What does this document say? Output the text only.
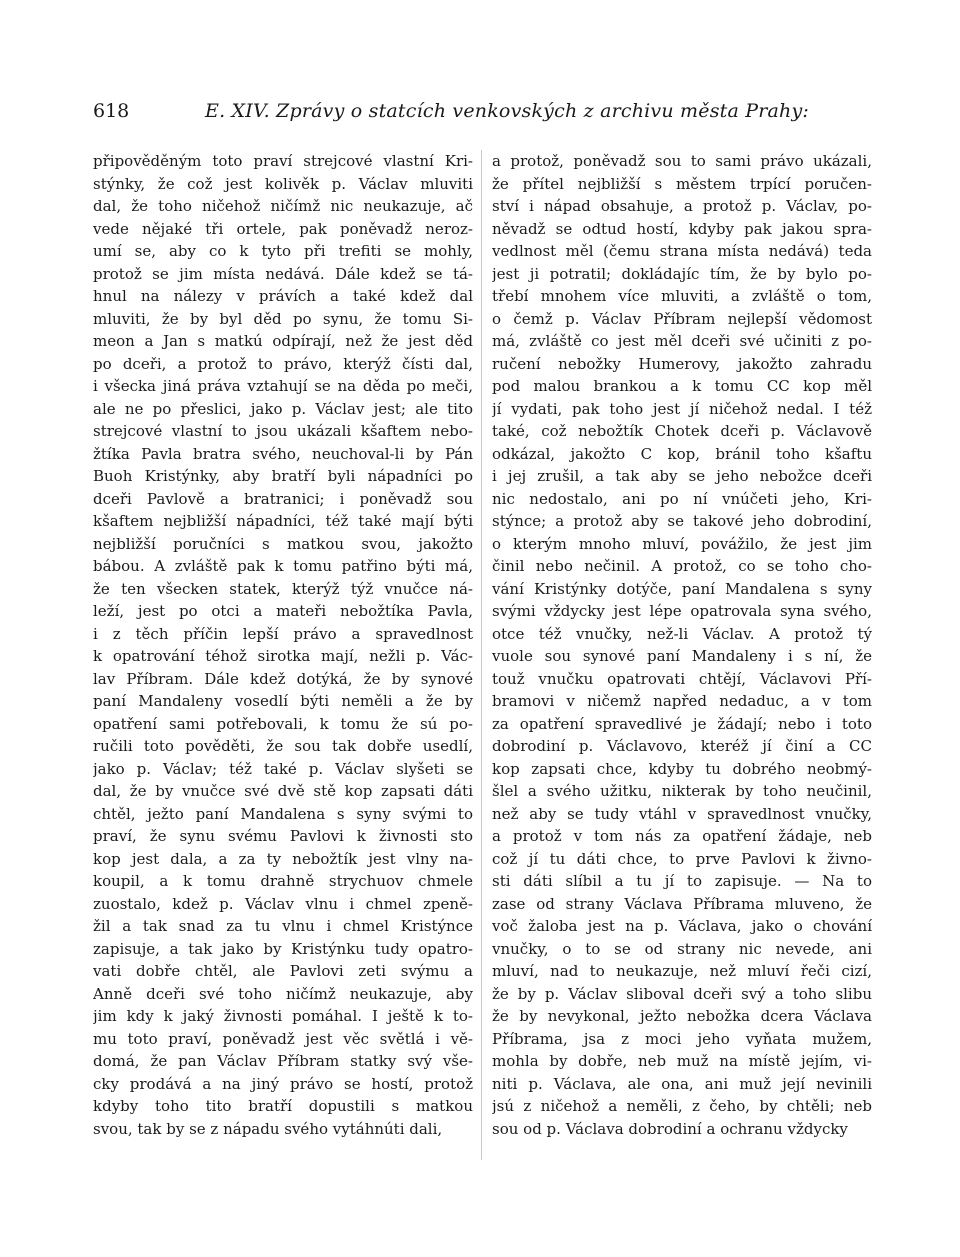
618	E. XIV. Zprávy o statcích venkovských z archivu města Prahy:
připověděným toto praví strejcové vlastní Kri-
stýnky, že což jest kolivěk p. Václav mluviti
dal, že toho ničehož ničímž nic neukazuje, ač
vede nějaké tři ortele, pak poněvadž neroz-
umí se, aby co k tyto při trefiti se mohly,
protož se jim místa nedává. Dále kdež se tá-
hnul na nálezy v právích a také kdež dal
mluviti, že by byl děd po synu, že tomu Si-
meon a Jan s matkú odpírají, než že jest děd
po dceři, a protož to právo, kterýž čísti dal,
i všecka jiná práva vztahují se na děda po meči,
ale ne po přeslici, jako p. Václav jest; ale tito
strejcové vlastní to jsou ukázali kšaftem nebo-
žtíka Pavla bratra svého, neuchoval-li by Pán
Buoh Kristýnky, aby bratří byli nápadníci po
dceři Pavlově a bratranici; i poněvadž sou
kšaftem nejbližší nápadníci, též také mají býti
nejbližší poručníci s matkou svou, jakožto
bábou. A zvláště pak k tomu patřino býti má,
že ten všecken statek, kterýž týž vnučce ná-
leží, jest po otci a mateři nebožtíka Pavla,
i z těch příčin lepší právo a spravedlnost
k opatrování téhož sirotka mají, nežli p. Vác-
lav Příbram. Dále kdež dotýká, že by synové
paní Mandaleny vosedlí býti neměli a že by
opatření sami potřebovali, k tomu že sú po-
ručili toto pověděti, že sou tak dobře usedlí,
jako p. Václav; též také p. Václav slyšeti se
dal, že by vnučce své dvě stě kop zapsati dáti
chtěl, ježto paní Mandalena s syny svými to
praví, že synu svému Pavlovi k živnosti sto
kop jest dala, a za ty nebožtík jest vlny na-
koupil, a k tomu drahně strychuov chmele
zuostalo, kdež p. Václav vlnu i chmel zpeně-
žil a tak snad za tu vlnu i chmel Kristýnce
zapisuje, a tak jako by Kristýnku tudy opatro-
vati dobře chtěl, ale Pavlovi zeti svýmu a
Anně dceři své toho ničímž neukazuje, aby
jim kdy k jaký živnosti pomáhal. I ještě k to-
mu toto praví, poněvadž jest věc světlá i vě-
domá, že pan Václav Příbram statky svý vše-
cky prodává a na jiný právo se hostí, protož
kdyby toho tito bratří dopustili s matkou
svou, tak by se z nápadu svého vytáhnúti dali,
a protož, poněvadž sou to sami právo ukázali,
že přítel nejbližší s městem trpící poručen-
ství i nápad obsahuje, a protož p. Václav, po-
něvadž se odtud hostí, kdyby pak jakou spra-
vedlnost měl (čemu strana místa nedává) teda
jest ji potratil; dokládajíc tím, že by bylo po-
třebí mnohem více mluviti, a zvláště o tom,
o čemž p. Václav Příbram nejlepší vědomost
má, zvláště co jest měl dceři své učiniti z po-
ručení nebožky Humerovy, jakožto zahradu
pod malou brankou a k tomu CC kop měl
jí vydati, pak toho jest jí ničehož nedal. I též
také, což nebožtík Chotek dceři p. Václavově
odkázal, jakožto C kop, bránil toho kšaftu
i jej zrušil, a tak aby se jeho nebožce dceři
nic nedostalo, ani po ní vnúčeti jeho, Kri-
stýnce; a protož aby se takové jeho dobrodiní,
o kterým mnoho mluví, povážilo, že jest jim
činil nebo nečinil. A protož, co se toho cho-
vání Kristýnky dotýče, paní Mandalena s syny
svými vždycky jest lépe opatrovala syna svého,
otce též vnučky, než-li Václav. A protož tý
vuole sou synové paní Mandaleny i s ní, že
touž vnučku opatrovati chtějí, Václavovi Pří-
bramovi v ničemž napřed nedaduc, a v tom
za opatření spravedlivé je žádají; nebo i toto
dobrodiní p. Václavovo, kteréž jí činí a CC
kop zapsati chce, kdyby tu dobrého neobmý-
šlel a svého užitku, nikterak by toho neučinil,
než aby se tudy vtáhl v spravedlnost vnučky,
a protož v tom nás za opatření žádaje, neb
což jí tu dáti chce, to prve Pavlovi k živno-
sti dáti slíbil a tu jí to zapisuje. — Na to
zase od strany Václava Příbrama mluveno, že
voč žaloba jest na p. Václava, jako o chování
vnučky, o to se od strany nic nevede, ani
mluví, nad to neukazuje, než mluví řeči cizí,
že by p. Václav sliboval dceři svý a toho slibu
že by nevykonal, ježto nebožka dcera Václava
Příbrama, jsa z moci jeho vyňata mužem,
mohla by dobře, neb muž na místě jejím, vi-
niti p. Václava, ale ona, ani muž její nevinili
jsú z ničehož a neměli, z čeho, by chtěli; neb
sou od p. Václava dobrodiní a ochranu vždycky
